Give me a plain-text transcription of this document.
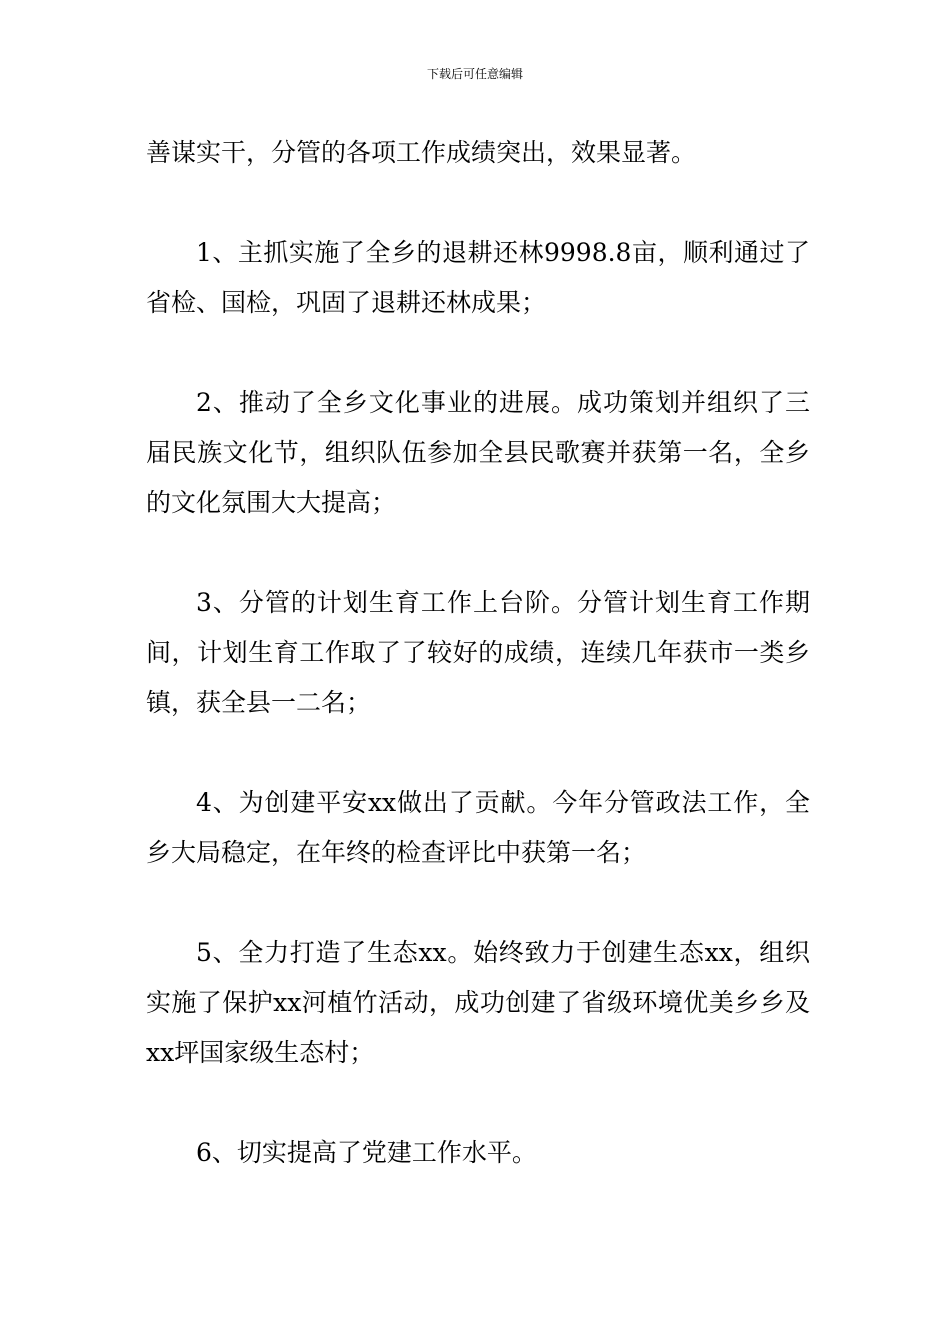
下载后可任意编辑

善谋实干，分管的各项工作成绩突出，效果显著。

1、主抓实施了全乡的退耕还林9998.8亩，顺利通过了省检、国检，巩固了退耕还林成果；

2、推动了全乡文化事业的进展。成功策划并组织了三届民族文化节，组织队伍参加全县民歌赛并获第一名，全乡的文化氛围大大提高；

3、分管的计划生育工作上台阶。分管计划生育工作期间，计划生育工作取了了较好的成绩，连续几年获市一类乡镇，获全县一二名；

4、为创建平安xx做出了贡献。今年分管政法工作，全乡大局稳定，在年终的检查评比中获第一名；

5、全力打造了生态xx。始终致力于创建生态xx，组织实施了保护xx河植竹活动，成功创建了省级环境优美乡乡及xx坪国家级生态村；

6、切实提高了党建工作水平。
